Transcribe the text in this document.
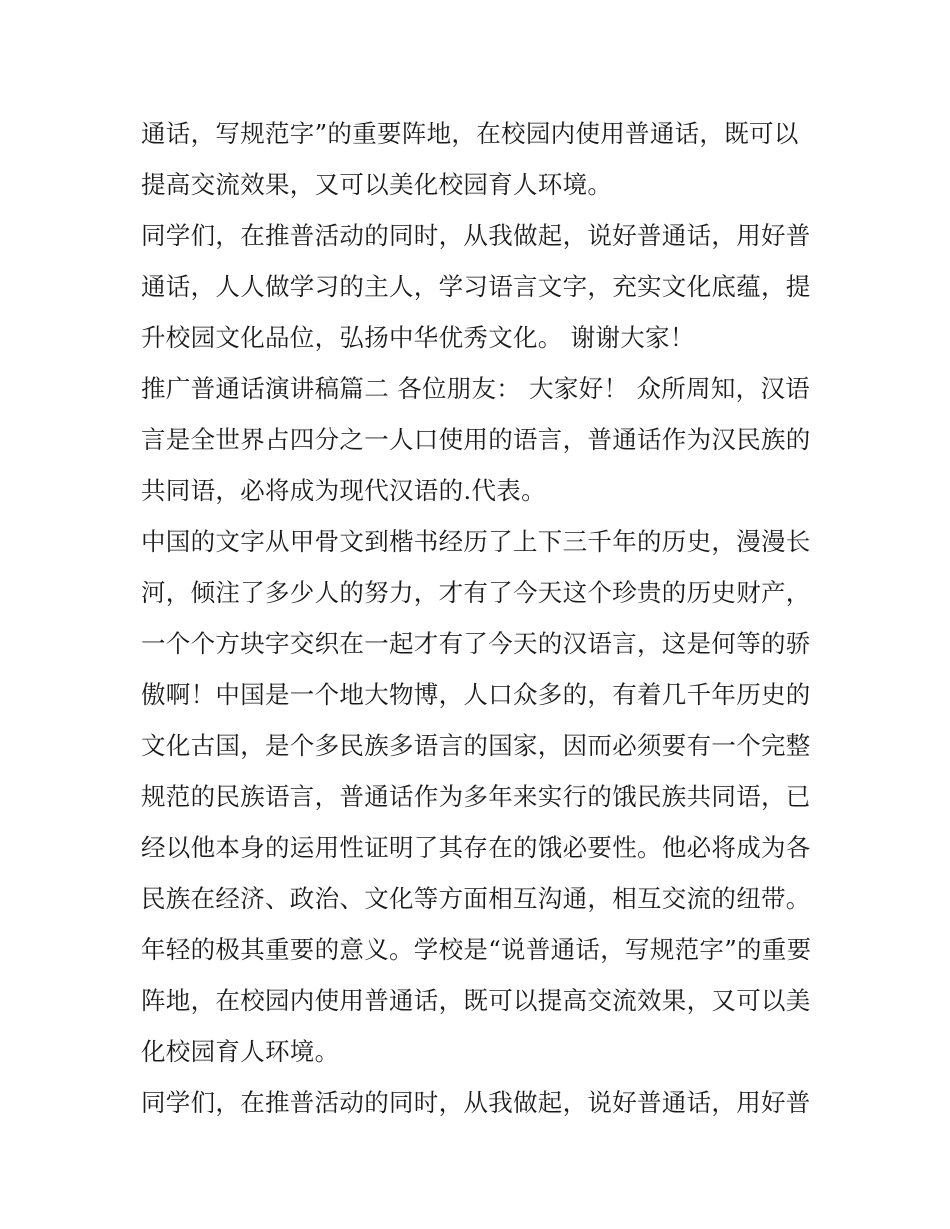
通话，写规范字”的重要阵地，在校园内使用普通话，既可以
提高交流效果，又可以美化校园育人环境。
同学们，在推普活动的同时，从我做起，说好普通话，用好普
通话，人人做学习的主人，学习语言文字，充实文化底蕴，提
升校园文化品位，弘扬中华优秀文化。 谢谢大家！
推广普通话演讲稿篇二 各位朋友： 大家好！ 众所周知，汉语
言是全世界占四分之一人口使用的语言，普通话作为汉民族的
共同语，必将成为现代汉语的.代表。
中国的文字从甲骨文到楷书经历了上下三千年的历史，漫漫长
河，倾注了多少人的努力，才有了今天这个珍贵的历史财产，
一个个方块字交织在一起才有了今天的汉语言，这是何等的骄
傲啊！中国是一个地大物博，人口众多的，有着几千年历史的
文化古国，是个多民族多语言的国家，因而必须要有一个完整
规范的民族语言，普通话作为多年来实行的饿民族共同语，已
经以他本身的运用性证明了其存在的饿必要性。他必将成为各
民族在经济、政治、文化等方面相互沟通，相互交流的纽带。
年轻的极其重要的意义。学校是“说普通话，写规范字”的重要
阵地，在校园内使用普通话，既可以提高交流效果，又可以美
化校园育人环境。
同学们，在推普活动的同时，从我做起，说好普通话，用好普
